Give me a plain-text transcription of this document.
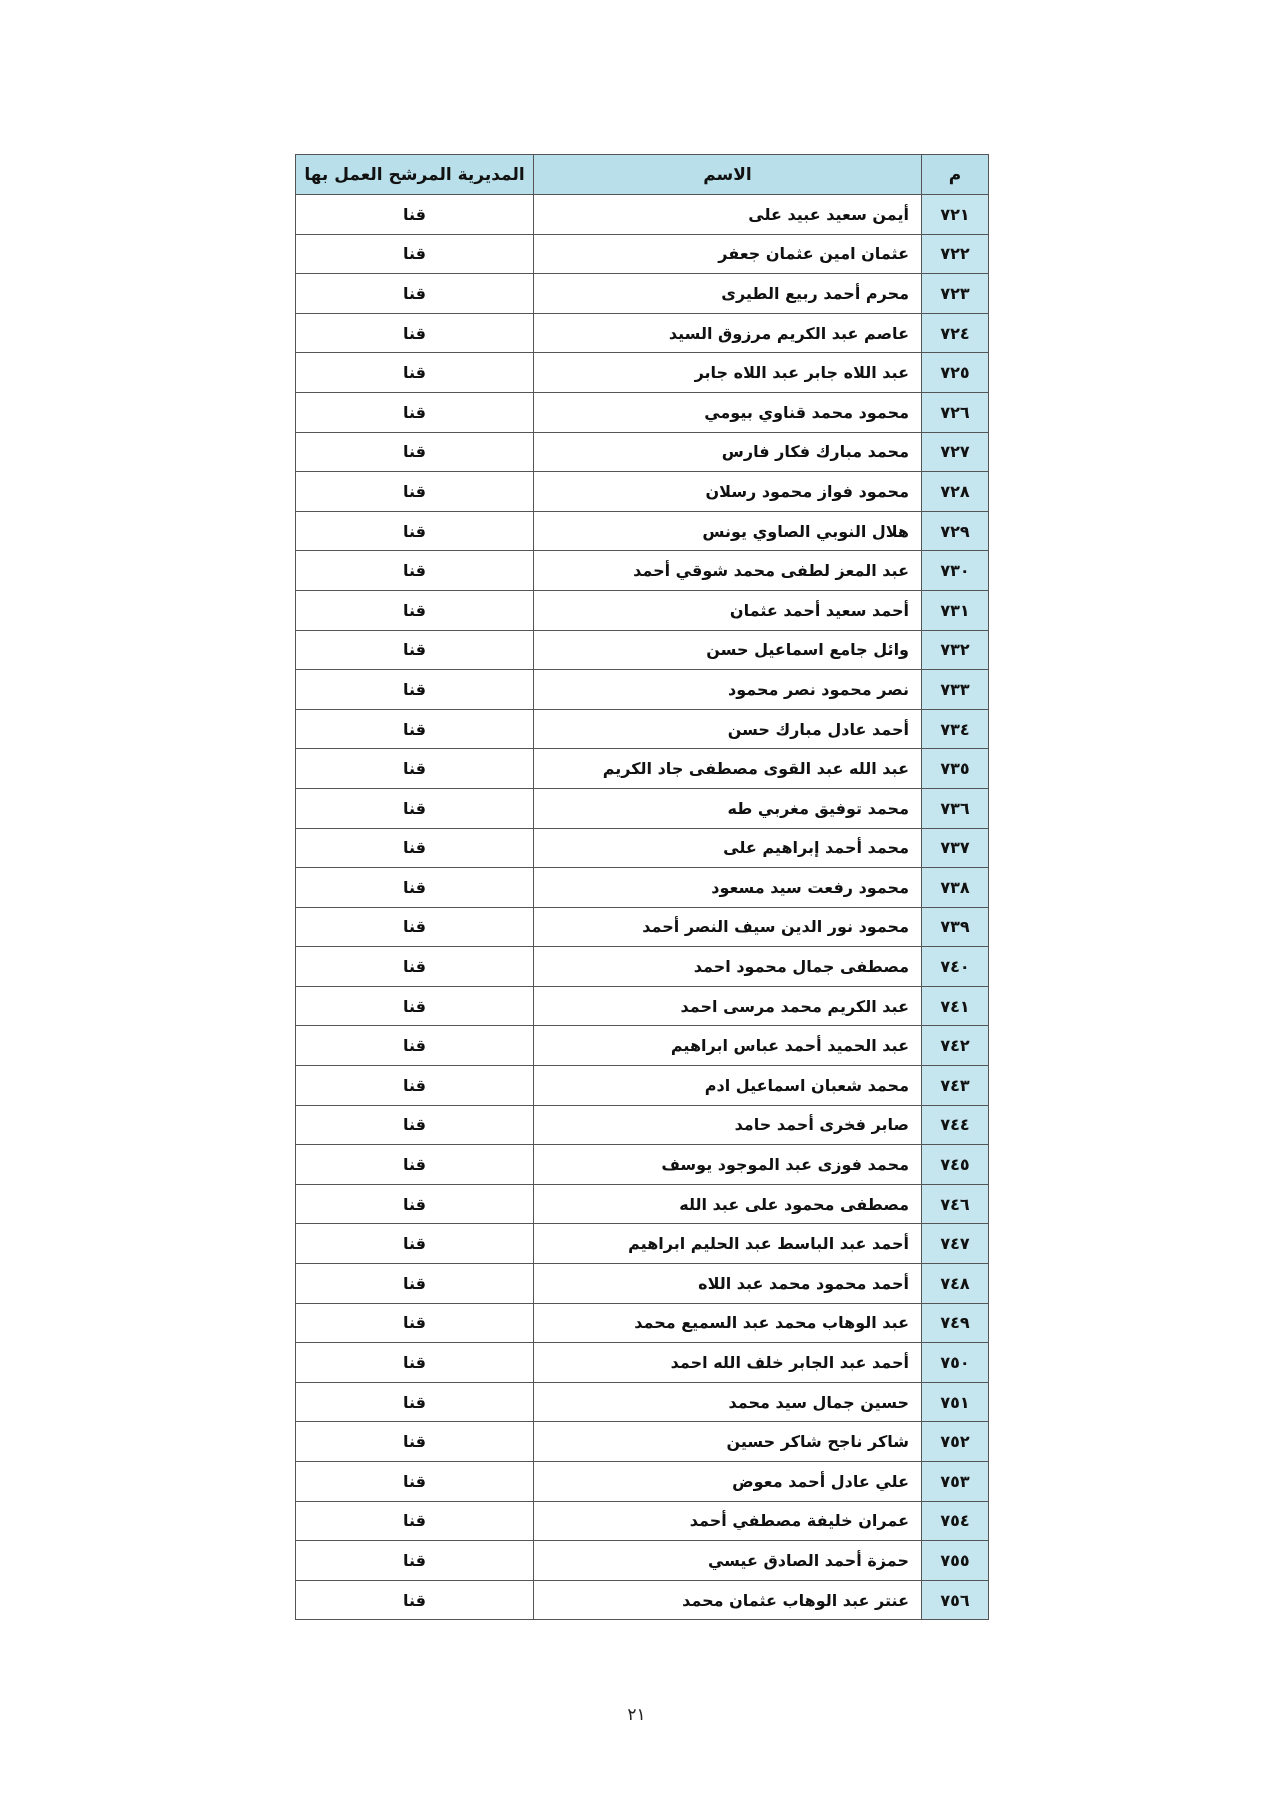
م	الاسم	المديرية المرشح العمل بها
٧٢١	أيمن سعيد عبيد على	قنا
٧٢٢	عثمان امين عثمان جعفر	قنا
٧٢٣	محرم أحمد ربيع الطيرى	قنا
٧٢٤	عاصم عبد الكريم مرزوق السيد	قنا
٧٢٥	عبد اللاه جابر عبد اللاه جابر	قنا
٧٢٦	محمود محمد قناوي بيومي	قنا
٧٢٧	محمد مبارك فكار فارس	قنا
٧٢٨	محمود فواز محمود رسلان	قنا
٧٢٩	هلال النوبي الصاوي يونس	قنا
٧٣٠	عبد المعز لطفى محمد شوقي أحمد	قنا
٧٣١	أحمد سعيد أحمد عثمان	قنا
٧٣٢	وائل جامع اسماعيل حسن	قنا
٧٣٣	نصر محمود نصر محمود	قنا
٧٣٤	أحمد عادل مبارك حسن	قنا
٧٣٥	عبد الله عبد القوى مصطفى جاد الكريم	قنا
٧٣٦	محمد توفيق مغربي طه	قنا
٧٣٧	محمد أحمد إبراهيم على	قنا
٧٣٨	محمود رفعت سيد مسعود	قنا
٧٣٩	محمود نور الدين سيف النصر أحمد	قنا
٧٤٠	مصطفى جمال محمود احمد	قنا
٧٤١	عبد الكريم محمد مرسى احمد	قنا
٧٤٢	عبد الحميد أحمد عباس ابراهيم	قنا
٧٤٣	محمد شعبان اسماعيل ادم	قنا
٧٤٤	صابر فخرى أحمد حامد	قنا
٧٤٥	محمد فوزى عبد الموجود يوسف	قنا
٧٤٦	مصطفى محمود على عبد الله	قنا
٧٤٧	أحمد عبد الباسط عبد الحليم ابراهيم	قنا
٧٤٨	أحمد محمود محمد عبد اللاه	قنا
٧٤٩	عبد الوهاب محمد عبد السميع محمد	قنا
٧٥٠	أحمد عبد الجابر خلف الله احمد	قنا
٧٥١	حسين جمال سيد محمد	قنا
٧٥٢	شاكر ناجح شاكر حسين	قنا
٧٥٣	علي عادل أحمد معوض	قنا
٧٥٤	عمران خليفة مصطفي أحمد	قنا
٧٥٥	حمزة أحمد الصادق عيسي	قنا
٧٥٦	عنتر عبد الوهاب عثمان محمد	قنا
٢١
